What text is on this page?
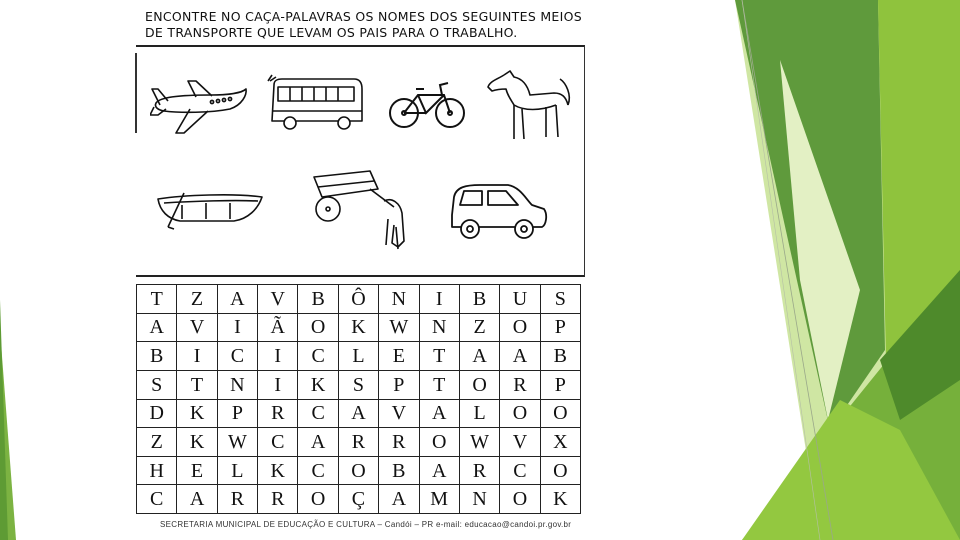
ENCONTRE NO CAÇA-PALAVRAS OS NOMES DOS SEGUINTES MEIOS
DE TRANSPORTE QUE LEVAM OS PAIS PARA O TRABALHO.
T	Z	A	V	B	Ô	N	I	B	U	S
A	V	I	Ã	O	K	W	N	Z	O	P
B	I	C	I	C	L	E	T	A	A	B
S	T	N	I	K	S	P	T	O	R	P
D	K	P	R	C	A	V	A	L	O	O
Z	K	W	C	A	R	R	O	W	V	X
H	E	L	K	C	O	B	A	R	C	O
C	A	R	R	O	Ç	A	M	N	O	K
SECRETARIA MUNICIPAL DE EDUCAÇÃO E CULTURA – Candói – PR e-mail: educacao@candoi.pr.gov.br
